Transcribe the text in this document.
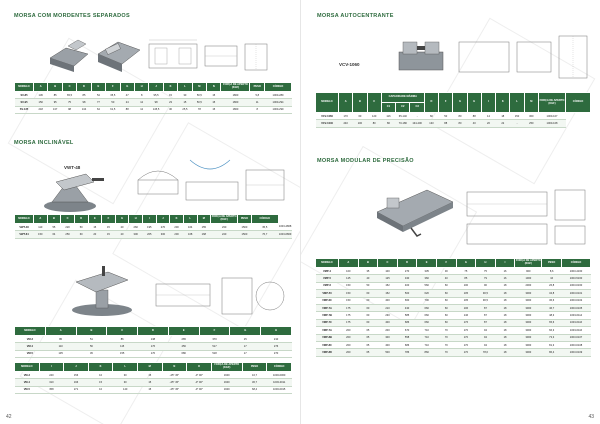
MORSA COM MORDENTES SEPARADOS
MODELO	A	B	C	D	E	F	G	H	J	K	L	M	N	FORÇA DE APERTO (KGF)	PESO	CÓDIGO
SV-85	136	85	65,5	85	54	35,5	47	8	95,5	15	30	50,5	15	1800	5,8	1000-289
SV-95	150	95	75	98	77	50	24	12	98	23	15	50,5	15	1800	11	1000-294
SV-135	218	137	98	134	64	61,5	88	12	145,5	30	25,5	78	15	1800	8	1000-299
MORSA INCLINÁVEL
VWT-48
MODELO	A	B	C	D	E	F	G	H	I	J	K	L	M	FORÇA DE APERTO (KGF)	PESO	CÓDIGO	
VWT-48	110	55	220	50	15	15	20	260	195	270	200	164	155	230	1500	35,5	1003-4808
VWT-64	150	64	250	60	20	15	20	300	205	300	200	168	168	240	1500	76,7	1003-6809
MODELO	A	B	C	D	E	F	G	H
VM-3	80	51	86	138	265	370	15	210
VM-4	110	56	115	176	456	517	17	276
VM-5	135	45	155	170	680	518	17	270
MODELO	I	J	K	L	M	N	O	FORÇA DE APERTO (KGF)	PESO	CÓDIGO
VM-3	240	156	10	30	15	-45° 45°	-0° 90°	1600	16,7	1003-0060
VM-4	310	196	15	30	15	-45° 45°	-0° 90°	1600	36,7	1003-0011
VM-5	358	271	10	140	15	-45° 45°	-0° 90°	1600	68,4	1003-0015
42
MORSA AUTOCENTRANTE
VCV-1060
MODELO	A	B	C	CAPACIDADE MÁXIMA			D	F	G	H	I	K	L	M	FORÇA DE APERTO (KGF)	CÓDIGO
				C1	C2	C3										
VCV-1060	170	60	120	116	65-140	-	60	50	80	88	14	18	150	300	1000-107	
VCV-1040	240	100	80	80	70-180	134-400	133	88	80	40	20	22	-	250	1000-108	
MORSA MODULAR DE PRECISÃO
MODELO	A	B	C	D	E	F	G	H	I	FORÇA DE APERTO (KGF)	PESO	CÓDIGO
VMP-4	100	35	100	270	335	30	75	75	16	900	8,6	1003-4160
VMP-5	125	40	125	340	360	40	85	79	16	1000	16	1003-5160
VMP-6	150	50	152	400	560	60	100	90	18	2000	26,8	1003-6160
VMP-50	150	60	152	500	620	60	105	90,5	18	3000	34,8	1003-6101
VMP-6C	150	60	400	660	700	60	105	90,5	18	3000	36,6	1003-6102
VMP-7A	175	60	210	430	660	60	106	87	18	3000	46,7	1003-6105
VMP-7B	175	60	230	585	660	60	146	87	18	3000	48,3	1003-6114
VMP-7C	175	60	400	686	660	60	176	87	18	3000	65,6	1003-6116
VMP-7A	200	65	200	670	710	70	170	94	18	3000	66,3	1003-6116
VMP-8B	200	65	300	558	710	70	170	94	18	3000	73,3	1003-6107
VMP-8C	200	65	400	686	710	70	170	94	18	3000	81,3	1003-6108
VMP-8D	200	65	500	786	860	70	170	78,6	18	3000	86,4	1003-6109
43
